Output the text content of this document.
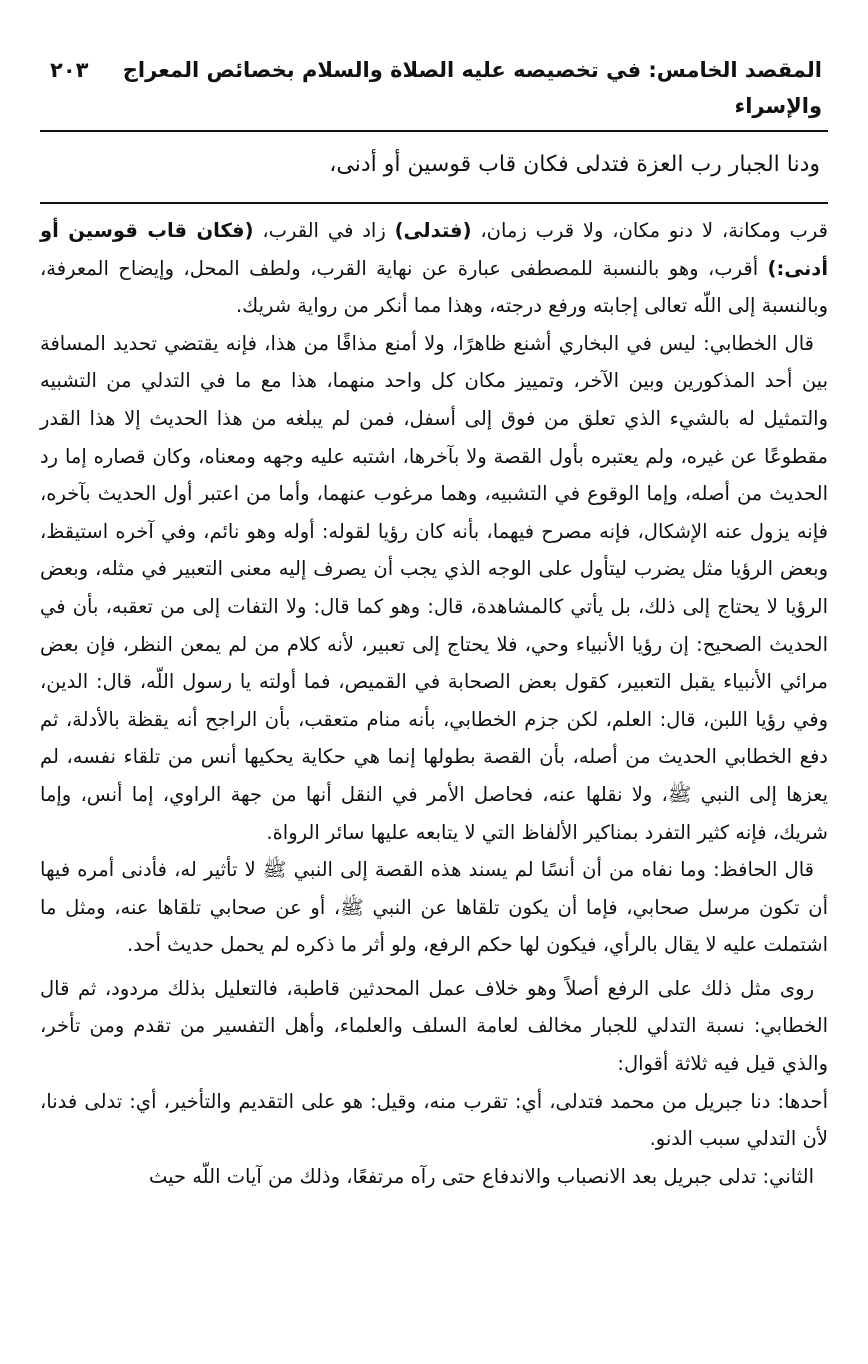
المقصد الخامس: في تخصيصه عليه الصلاة والسلام بخصائص المعراج والإسراء
٢٠٣
ودنا الجبار رب العزة فتدلى فكان قاب قوسين أو أدنى،

قرب ومكانة، لا دنو مكان، ولا قرب زمان، (فتدلى) زاد في القرب، (فكان قاب قوسين أو أدنى:) أقرب، وهو بالنسبة للمصطفى عبارة عن نهاية القرب، ولطف المحل، وإيضاح المعرفة، وبالنسبة إلى اللّه تعالى إجابته ورفع درجته، وهذا مما أنكر من رواية شريك.

قال الخطابي: ليس في البخاري أشنع ظاهرًا، ولا أمنع مذاقًا من هذا، فإنه يقتضي تحديد المسافة بين أحد المذكورين وبين الآخر، وتمييز مكان كل واحد منهما، هذا مع ما في التدلي من التشبيه والتمثيل له بالشيء الذي تعلق من فوق إلى أسفل، فمن لم يبلغه من هذا الحديث إلا هذا القدر مقطوعًا عن غيره، ولم يعتبره بأول القصة ولا بآخرها، اشتبه عليه وجهه ومعناه، وكان قصاره إما رد الحديث من أصله، وإما الوقوع في التشبيه، وهما مرغوب عنهما، وأما من اعتبر أول الحديث بآخره، فإنه يزول عنه الإشكال، فإنه مصرح فيهما، بأنه كان رؤيا لقوله: أوله وهو نائم، وفي آخره استيقظ، وبعض الرؤيا مثل يضرب ليتأول على الوجه الذي يجب أن يصرف إليه معنى التعبير في مثله، وبعض الرؤيا لا يحتاج إلى ذلك، بل يأتي كالمشاهدة، قال: وهو كما قال: ولا التفات إلى من تعقبه، بأن في الحديث الصحيح: إن رؤيا الأنبياء وحي، فلا يحتاج إلى تعبير، لأنه كلام من لم يمعن النظر، فإن بعض مرائي الأنبياء يقبل التعبير، كقول بعض الصحابة في القميص، فما أولته يا رسول اللّه، قال: الدين، وفي رؤيا اللبن، قال: العلم، لكن جزم الخطابي، بأنه منام متعقب، بأن الراجح أنه يقظة بالأدلة، ثم دفع الخطابي الحديث من أصله، بأن القصة بطولها إنما هي حكاية يحكيها أنس من تلقاء نفسه، لم يعزها إلى النبي ﷺ، ولا نقلها عنه، فحاصل الأمر في النقل أنها من جهة الراوي، إما أنس، وإما شريك، فإنه كثير التفرد بمناكير الألفاظ التي لا يتابعه عليها سائر الرواة.

قال الحافظ: وما نفاه من أن أنسًا لم يسند هذه القصة إلى النبي ﷺ لا تأثير له، فأدنى أمره فيها أن تكون مرسل صحابي، فإما أن يكون تلقاها عن النبي ﷺ، أو عن صحابي تلقاها عنه، ومثل ما اشتملت عليه لا يقال بالرأي، فيكون لها حكم الرفع، ولو أثر ما ذكره لم يحمل حديث أحد.

روى مثل ذلك على الرفع أصلاً وهو خلاف عمل المحدثين قاطبة، فالتعليل بذلك مردود، ثم قال الخطابي: نسبة التدلي للجبار مخالف لعامة السلف والعلماء، وأهل التفسير من تقدم ومن تأخر، والذي قيل فيه ثلاثة أقوال:

أحدها: دنا جبريل من محمد فتدلى، أي: تقرب منه، وقيل: هو على التقديم والتأخير، أي: تدلى فدنا، لأن التدلي سبب الدنو.

الثاني: تدلى جبريل بعد الانصباب والاندفاع حتى رآه مرتفعًا، وذلك من آيات اللّه حيث
